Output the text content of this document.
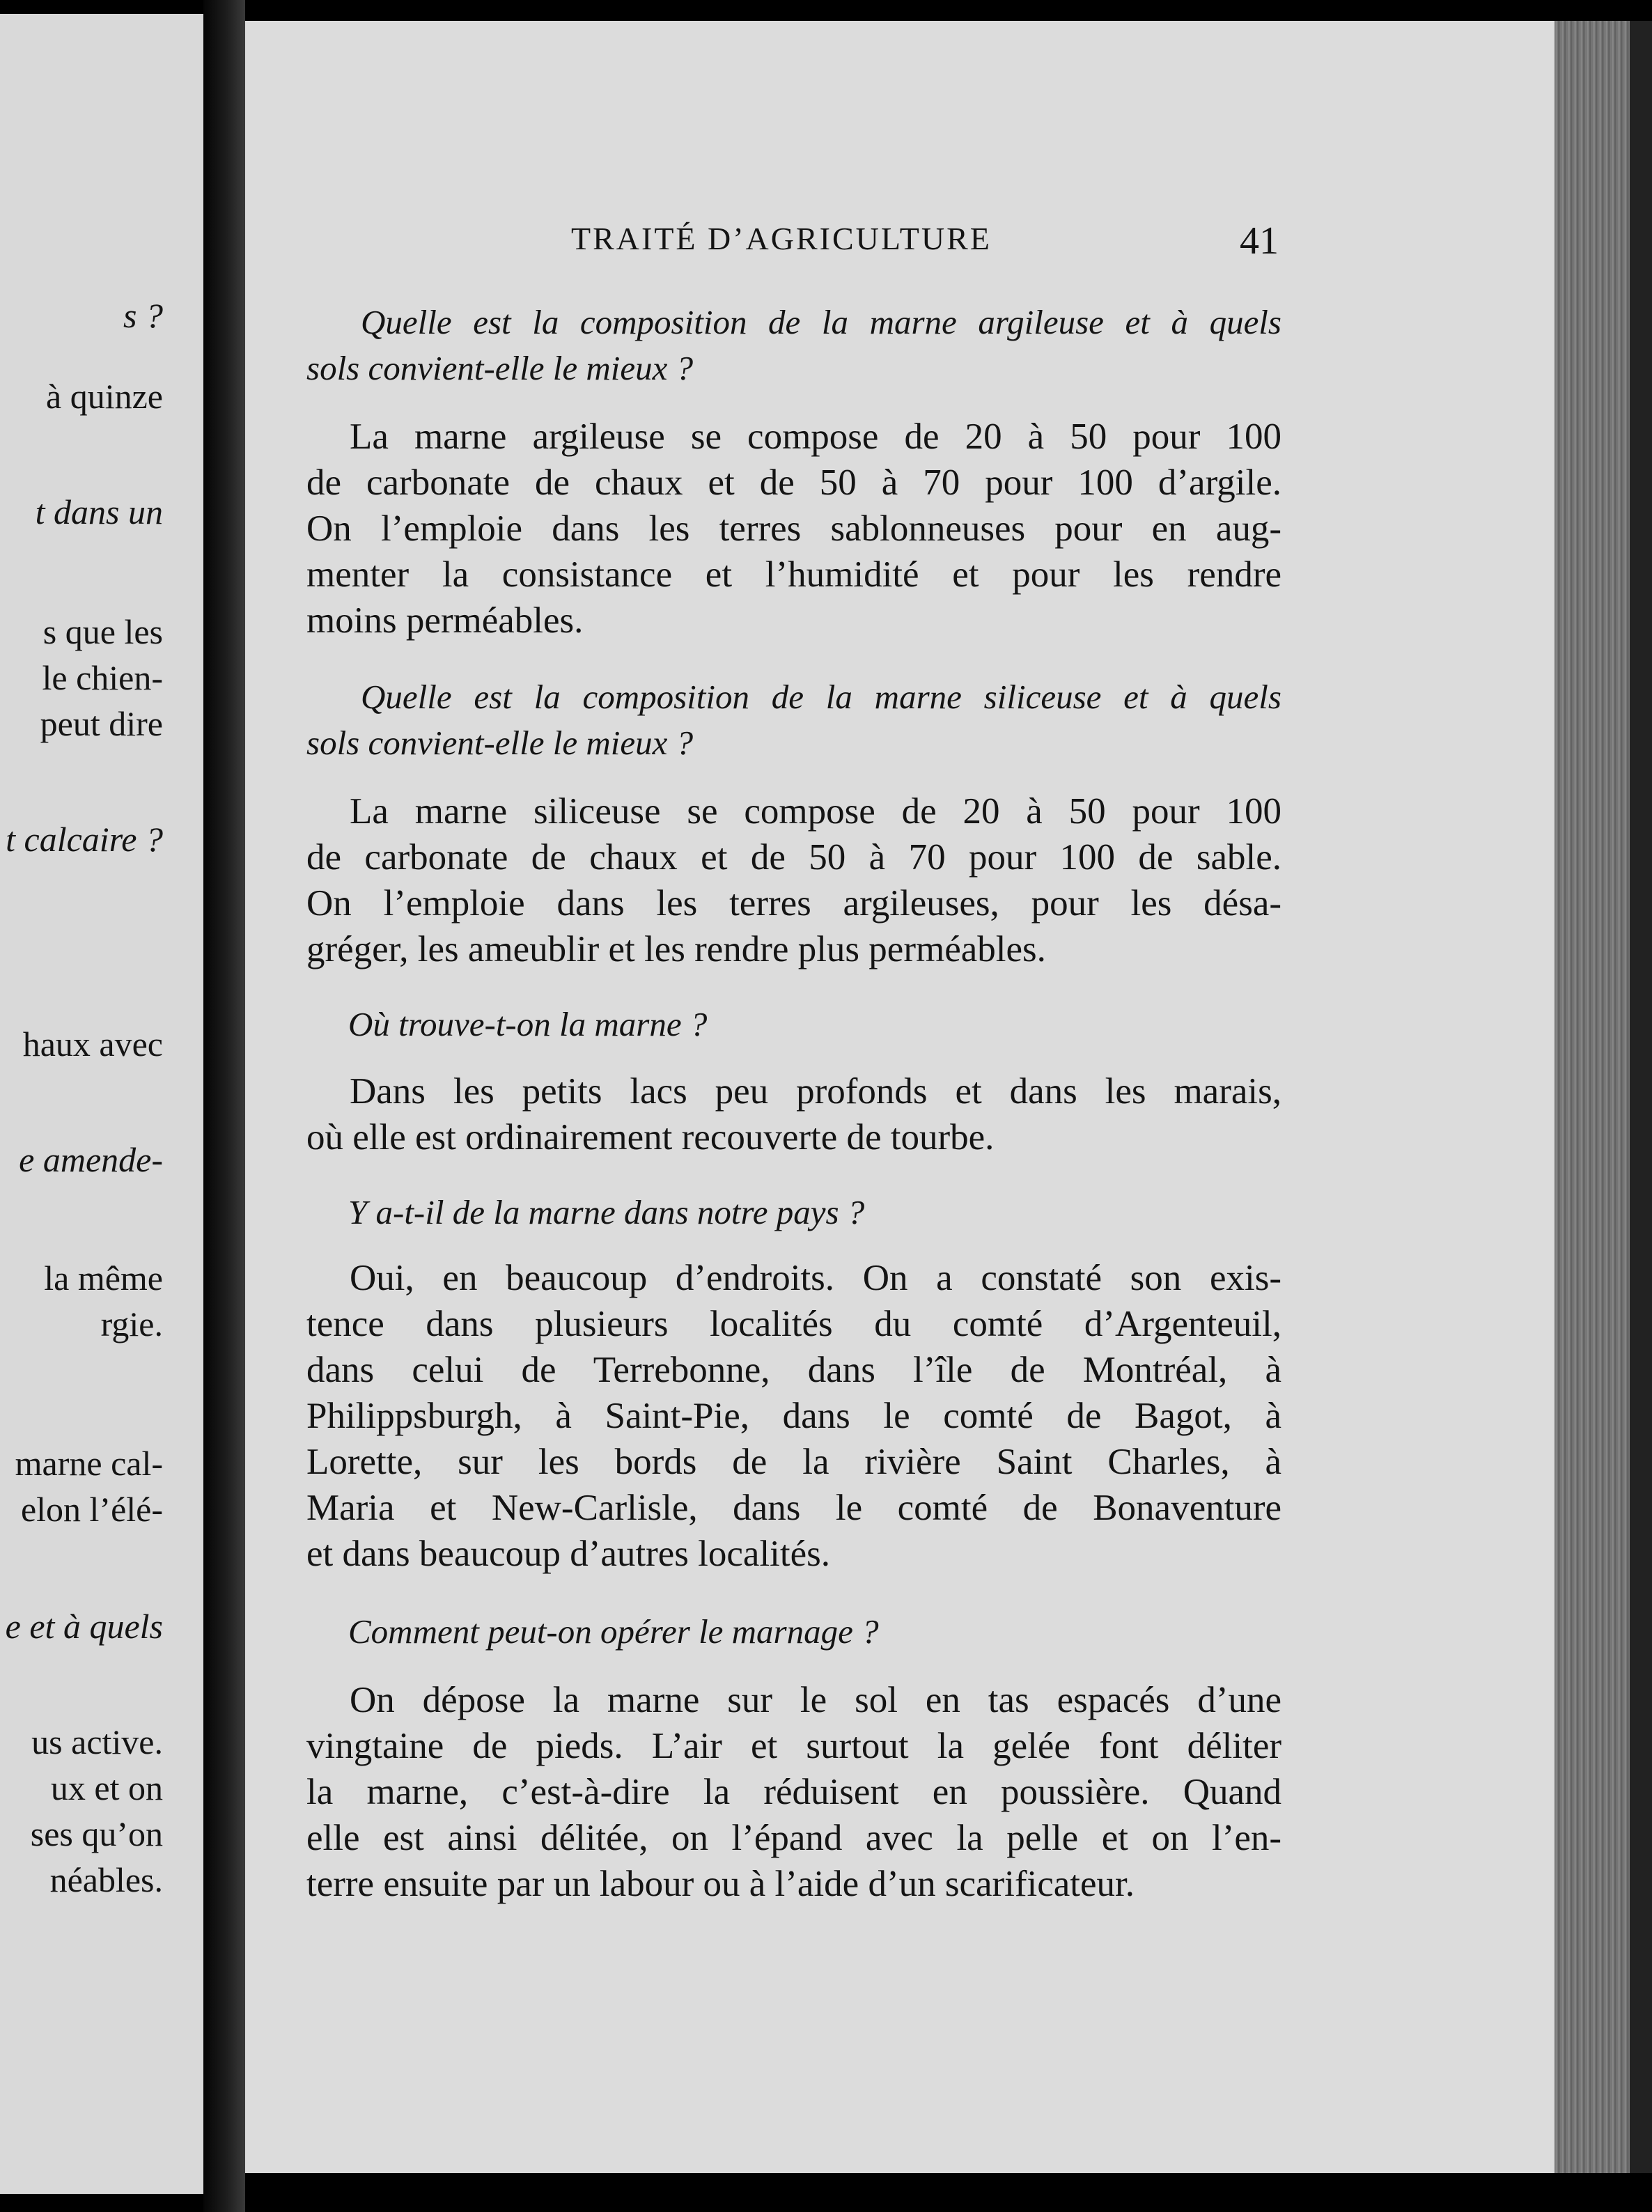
s ?
à quinze
t dans un
s que les
le chien-
peut dire
t calcaire ?
haux avec
e amende-
la même
rgie.
marne cal-
elon l’élé-
e et à quels
us active.
ux et on
ses qu’on
néables.
TRAITÉ D’AGRICULTURE	41
Quelle est la composition de la marne argileuse et à quels
sols convient-elle le mieux ?
La marne argileuse se compose de 20 à 50 pour 100
de carbonate de chaux et de 50 à 70 pour 100 d’argile.
On l’emploie dans les terres sablonneuses pour en aug-
menter la consistance et l’humidité et pour les rendre
moins perméables.
Quelle est la composition de la marne siliceuse et à quels
sols convient-elle le mieux ?
La marne siliceuse se compose de 20 à 50 pour 100
de carbonate de chaux et de 50 à 70 pour 100 de sable.
On l’emploie dans les terres argileuses, pour les désa-
gréger, les ameublir et les rendre plus perméables.
Où trouve-t-on la marne ?
Dans les petits lacs peu profonds et dans les marais,
où elle est ordinairement recouverte de tourbe.
Y a-t-il de la marne dans notre pays ?
Oui, en beaucoup d’endroits. On a constaté son exis-
tence dans plusieurs localités du comté d’Argenteuil,
dans celui de Terrebonne, dans l’île de Montréal, à
Philippsburgh, à Saint-Pie, dans le comté de Bagot, à
Lorette, sur les bords de la rivière Saint Charles, à
Maria et New-Carlisle, dans le comté de Bonaventure
et dans beaucoup d’autres localités.
Comment peut-on opérer le marnage ?
On dépose la marne sur le sol en tas espacés d’une
vingtaine de pieds. L’air et surtout la gelée font déliter
la marne, c’est-à-dire la réduisent en poussière. Quand
elle est ainsi délitée, on l’épand avec la pelle et on l’en-
terre ensuite par un labour ou à l’aide d’un scarificateur.
